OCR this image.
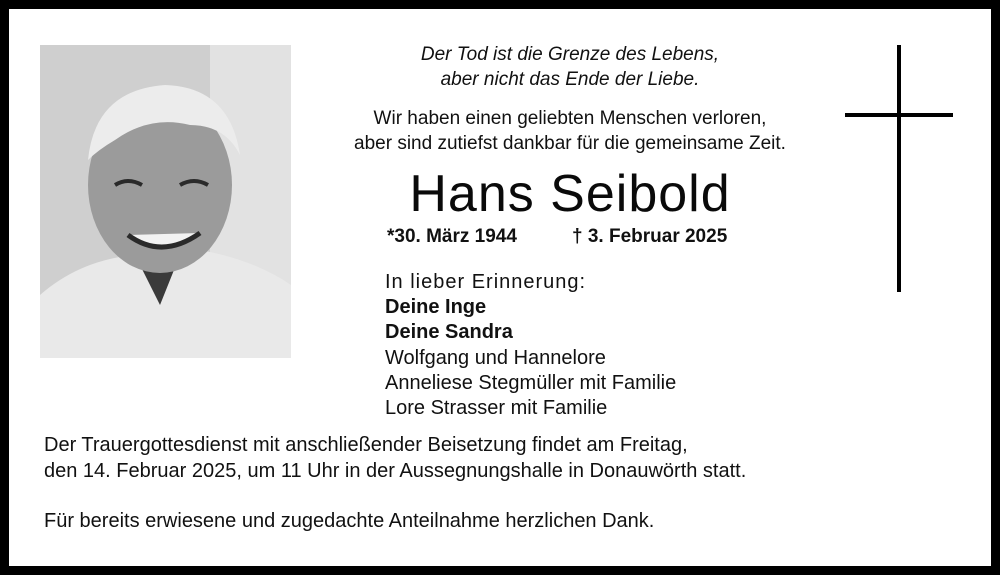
Der Tod ist die Grenze des Lebens,
aber nicht das Ende der Liebe.
Wir haben einen geliebten Menschen verloren,
aber sind zutiefst dankbar für die gemeinsame Zeit.
Hans Seibold
*30. März 1944	† 3. Februar 2025
In lieber Erinnerung:
Deine Inge
Deine Sandra
Wolfgang und Hannelore
Anneliese Stegmüller mit Familie
Lore Strasser mit Familie
Der Trauergottesdienst mit anschließender Beisetzung findet am Freitag,
den 14. Februar 2025, um 11 Uhr in der Aussegnungshalle in Donauwörth statt.
Für bereits erwiesene und zugedachte Anteilnahme herzlichen Dank.
